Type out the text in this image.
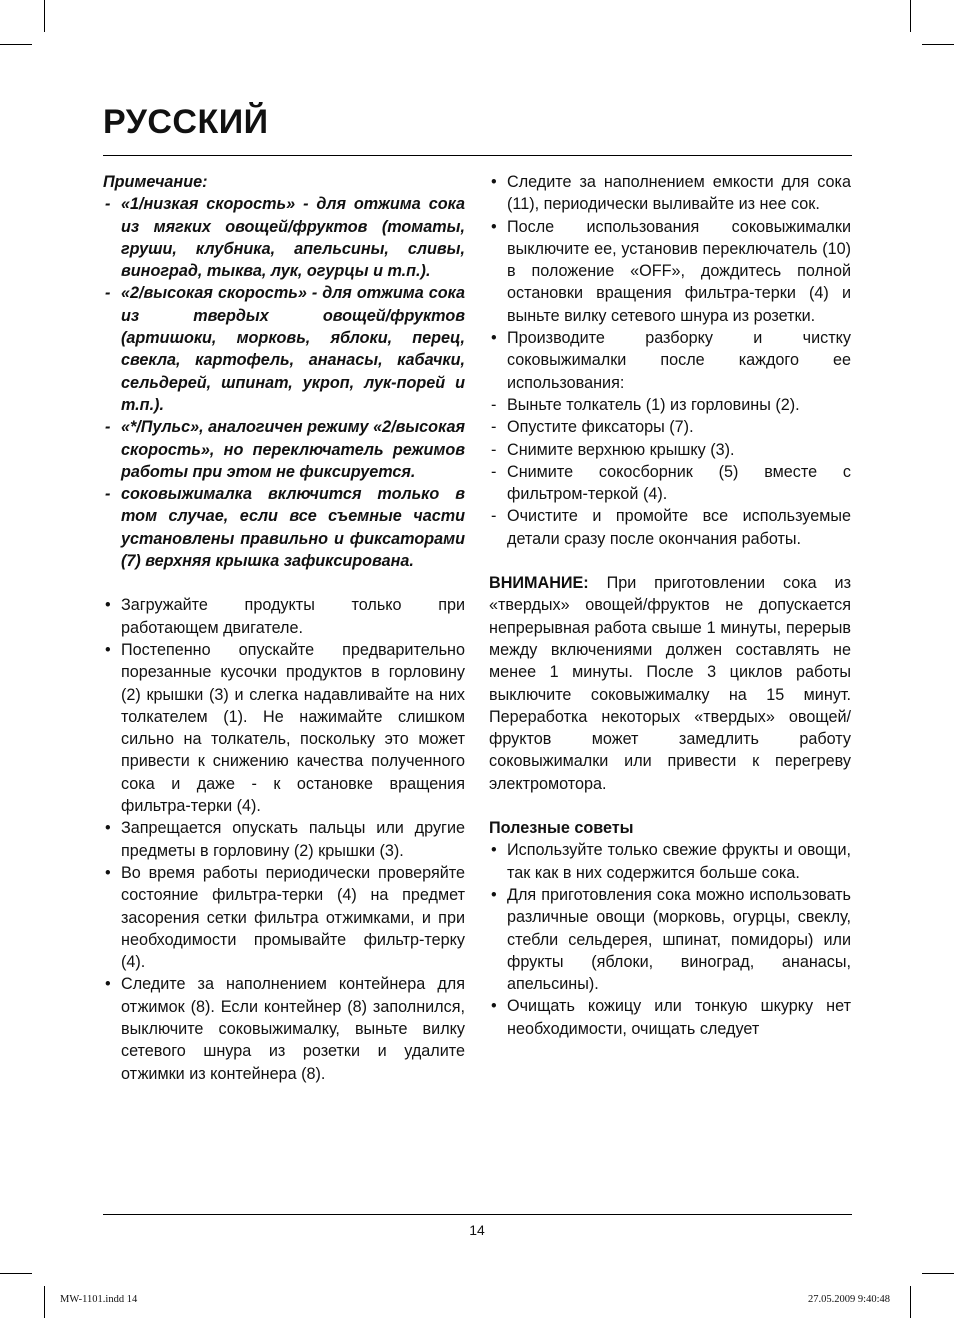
РУССКИЙ

Примечание:

- «1/низкая скорость» - для отжима сока из мягких овощей/фруктов (томаты, груши, клубника, апельсины, сливы, виноград, тыква, лук, огурцы и т.п.).

- «2/высокая скорость» - для отжима сока из твердых овощей/фруктов (артишоки, морковь, яблоки, перец, свекла, картофель, ананасы, кабачки, сельдерей, шпинат, укроп, лук-порей и т.п.).

- «*/Пульс», аналогичен режиму «2/высокая скорость», но переключатель режимов работы при этом не фиксируется.

- соковыжималка включится только в том случае, если все съемные части установлены правильно и фиксаторами (7) верхняя крышка зафиксирована.

• Загружайте продукты только при работающем двигателе.

• Постепенно опускайте предварительно порезанные кусочки продуктов в горловину (2) крышки (3) и слегка надавливайте на них толкателем (1). Не нажимайте слишком сильно на толкатель, поскольку это может привести к снижению качества полученного сока и даже - к остановке вращения фильтра-терки (4).

• Запрещается опускать пальцы или другие предметы в горловину (2) крышки (3).

• Во время работы периодически проверяйте состояние фильтра-терки (4) на предмет засорения сетки фильтра отжимками, и при необходимости промывайте фильтр-терку (4).

• Следите за наполнением контейнера для отжимок (8). Если контейнер (8) заполнился, выключите соковыжималку, выньте вилку сетевого шнура из розетки и удалите отжимки из контейнера (8).

• Следите за наполнением емкости для сока (11), периодически выливайте из нее сок.

• После использования соковыжималки выключите ее, установив переключатель (10) в положение «OFF», дождитесь полной остановки вращения фильтра-терки (4) и выньте вилку сетевого шнура из розетки.

• Производите разборку и чистку соковыжималки после каждого ее использования:

- Выньте толкатель (1) из горловины (2).

- Опустите фиксаторы (7).

- Снимите верхнюю крышку (3).

- Снимите сокосборник (5) вместе с фильтром-теркой (4).

- Очистите и промойте все используемые детали сразу после окончания работы.

ВНИМАНИЕ: При приготовлении сока из «твердых» овощей/фруктов не допускается непрерывная работа свыше 1 минуты, перерыв между включениями должен составлять не менее 1 минуты. После 3 циклов работы выключите соковыжималку на 15 минут. Переработка некоторых «твердых» овощей/фруктов может замедлить работу соковыжималки или привести к перегреву электромотора.

Полезные советы

• Используйте только свежие фрукты и овощи, так как в них содержится больше сока.

• Для приготовления сока можно использовать различные овощи (морковь, огурцы, свеклу, стебли сельдерея, шпинат, помидоры) или фрукты (яблоки, виноград, ананасы, апельсины).

• Очищать кожицу или тонкую шкурку нет необходимости, очищать следует

14
MW-1101.indd 14	27.05.2009 9:40:48
